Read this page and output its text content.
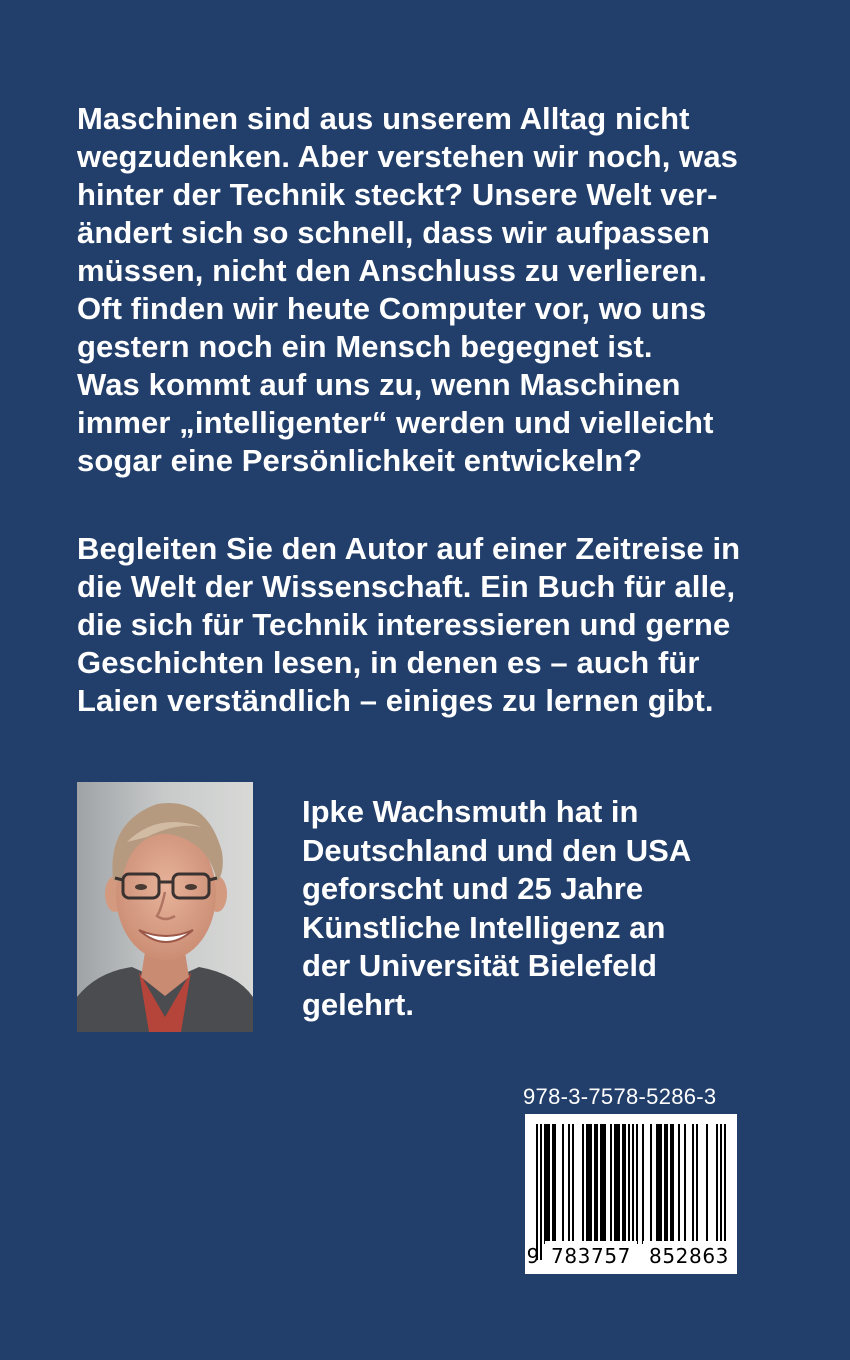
Maschinen sind aus unserem Alltag nicht
wegzudenken. Aber verstehen wir noch, was
hinter der Technik steckt? Unsere Welt ver-
ändert sich so schnell, dass wir aufpassen
müssen, nicht den Anschluss zu verlieren.
Oft finden wir heute Computer vor, wo uns
gestern noch ein Mensch begegnet ist.
Was kommt auf uns zu, wenn Maschinen
immer „intelligenter“ werden und vielleicht
sogar eine Persönlichkeit entwickeln?

Begleiten Sie den Autor auf einer Zeitreise in
die Welt der Wissenschaft. Ein Buch für alle,
die sich für Technik interessieren und gerne
Geschichten lesen, in denen es – auch für
Laien verständlich – einiges zu lernen gibt.

Ipke Wachsmuth hat in
Deutschland und den USA
geforscht und 25 Jahre
Künstliche Intelligenz an
der Universität Bielefeld
gelehrt.

978-3-7578-5286-3
9 783757 852863
